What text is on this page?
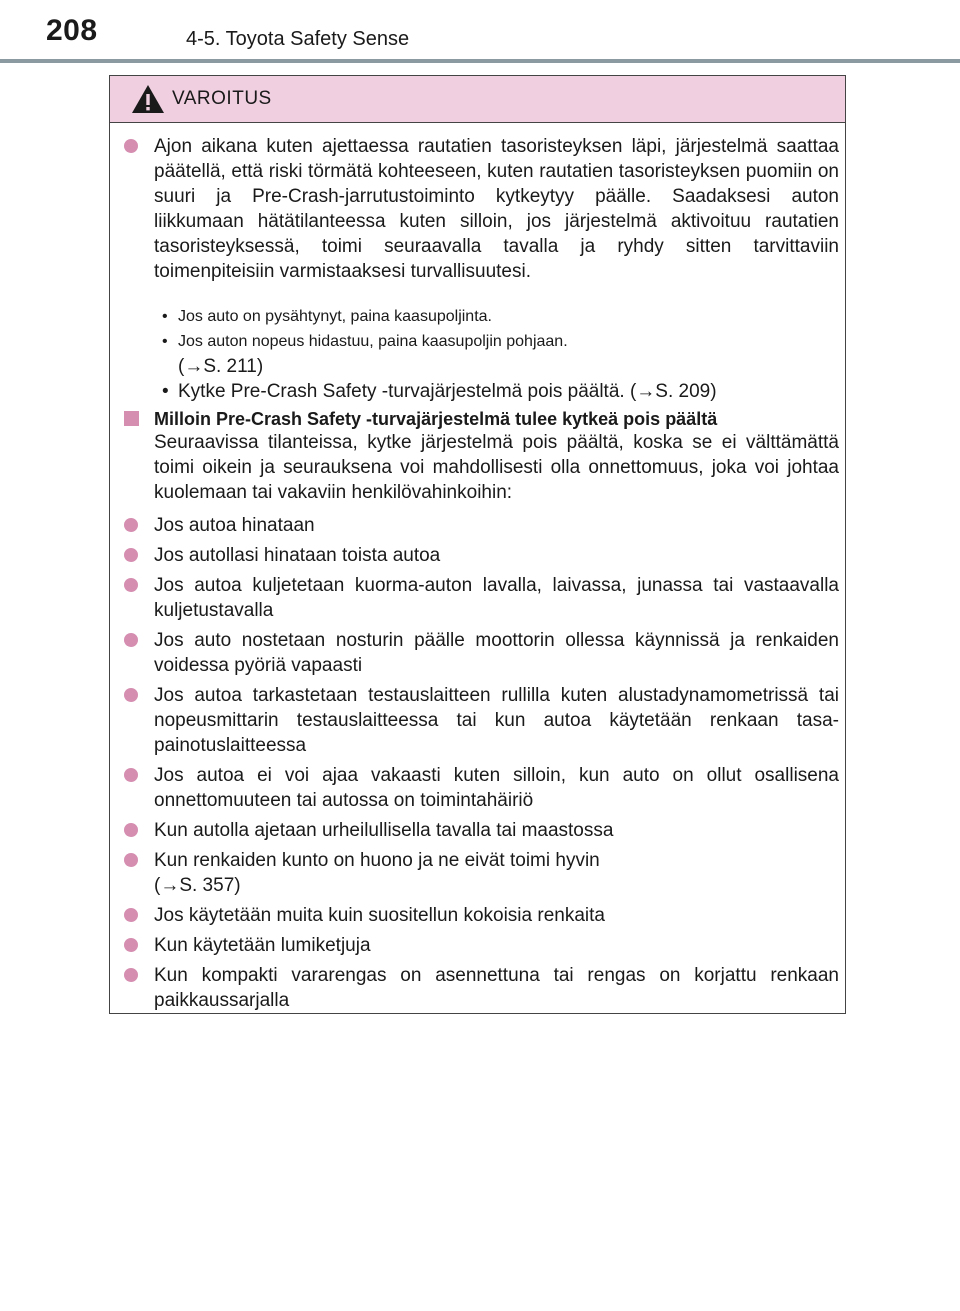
208	4-5. Toyota Safety Sense
VAROITUS
Ajon aikana kuten ajettaessa rautatien tasoristeyksen läpi, järjestelmä saattaa päätellä, että riski törmätä kohteeseen, kuten rautatien tasoristeyksen puomiin on suuri ja Pre-Crash-jarrutustoiminto kytkeytyy päälle. Saadaksesi auton liikkumaan hätätilanteessa kuten silloin, jos järjestelmä aktivoituu rautatien tasoristeyksessä, toimi seuraavalla tavalla ja ryhdy sitten tarvittaviin toimenpiteisiin varmistaaksesi turvallisuutesi.
• Jos auto on pysähtynyt, paina kaasupoljinta.
• Jos auton nopeus hidastuu, paina kaasupoljin pohjaan.
(→S. 211)
• Kytke Pre-Crash Safety -turvajärjestelmä pois päältä. (→S. 209)
Milloin Pre-Crash Safety -turvajärjestelmä tulee kytkeä pois päältä
Seuraavissa tilanteissa, kytke järjestelmä pois päältä, koska se ei välttämättä toimi oikein ja seurauksena voi mahdollisesti olla onnettomuus, joka voi johtaa kuolemaan tai vakaviin henkilövahinkoihin:
Jos autoa hinataan
Jos autollasi hinataan toista autoa
Jos autoa kuljetetaan kuorma-auton lavalla, laivassa, junassa tai vastaavalla kuljetustavalla
Jos auto nostetaan nosturin päälle moottorin ollessa käynnissä ja renkaiden voidessa pyöriä vapaasti
Jos autoa tarkastetaan testauslaitteen rullilla kuten alustadynamometrissä tai nopeusmittarin testauslaitteessa tai kun autoa käytetään renkaan tasapainotuslaitteessa
Jos autoa ei voi ajaa vakaasti kuten silloin, kun auto on ollut osallisena onnettomuuteen tai autossa on toimintahäiriö
Kun autolla ajetaan urheilullisella tavalla tai maastossa
Kun renkaiden kunto on huono ja ne eivät toimi hyvin
(→S. 357)
Jos käytetään muita kuin suositellun kokoisia renkaita
Kun käytetään lumiketjuja
Kun kompakti vararengas on asennettuna tai rengas on korjattu renkaan paikkaussarjalla
